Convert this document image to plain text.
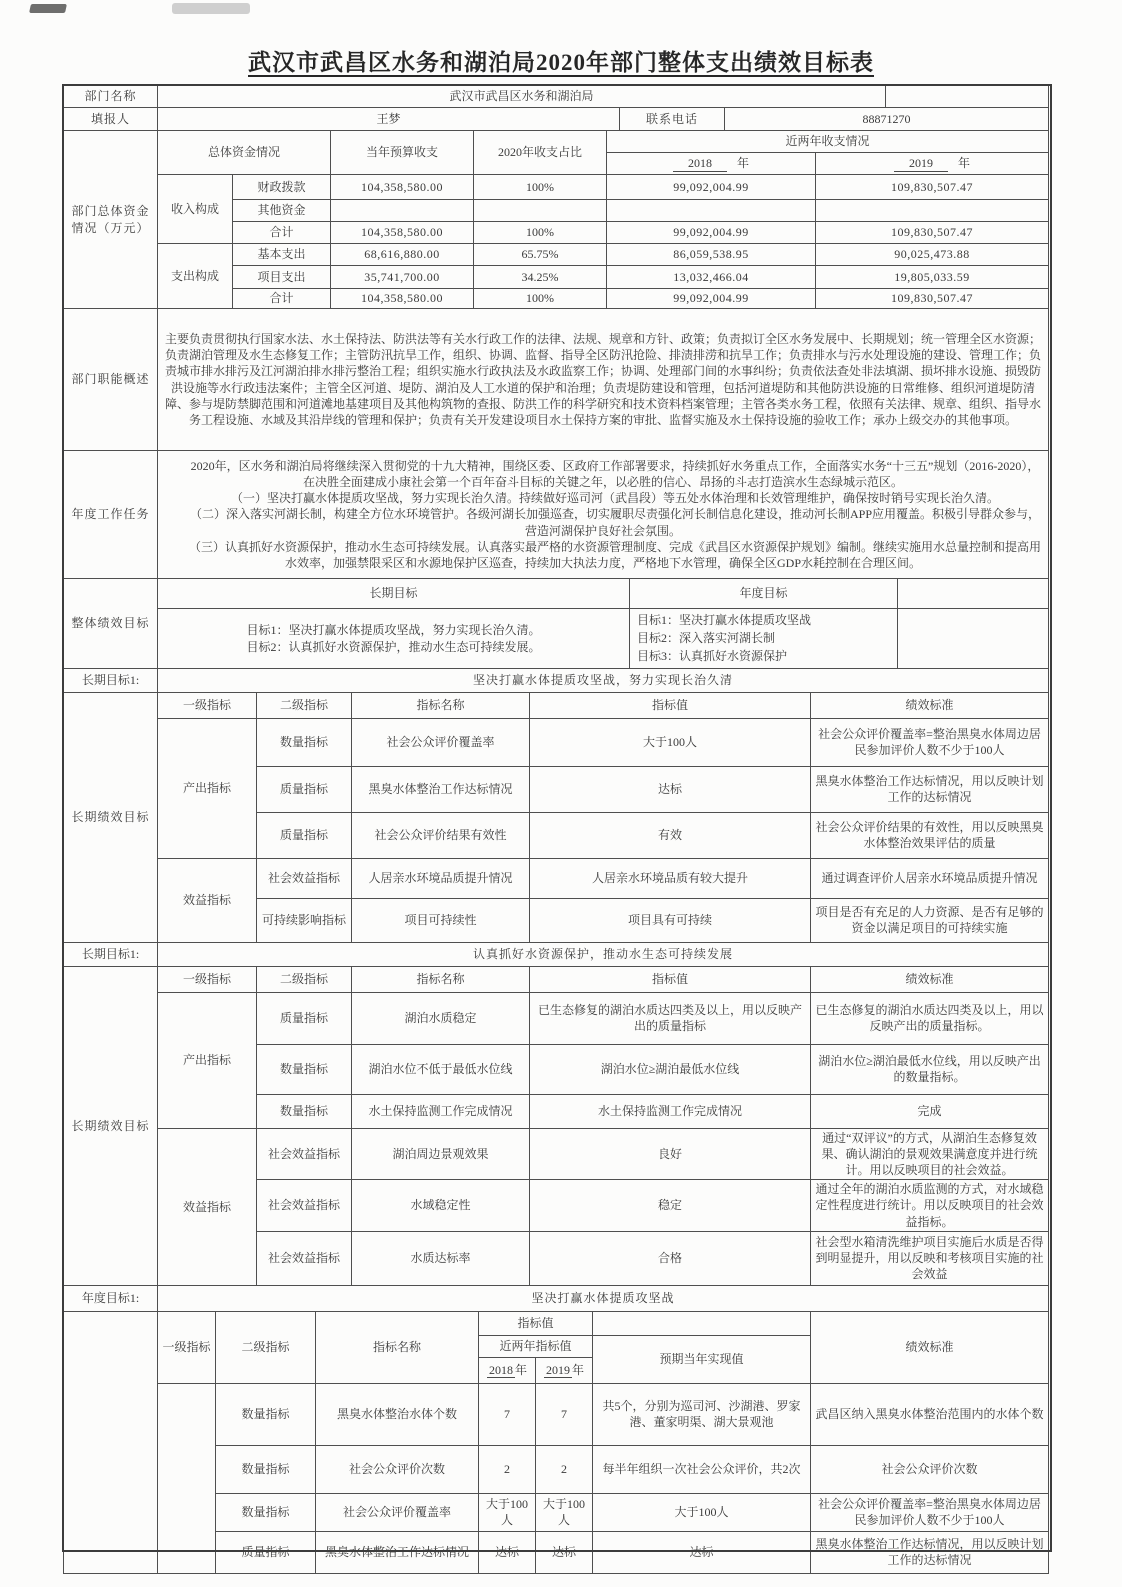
武汉市武昌区水务和湖泊局2020年部门整体支出绩效目标表
部门名称	武汉市武昌区水务和湖泊局			
填报人	王梦	联系电话	88871270	
部门总体资金情况（万元）	总体资金情况		当年预算收支	2020年收支占比	近两年收支情况	
					2018 年	2019 年
	收入构成	财政拨款	104,358,580.00	100%	99,092,004.99	109,830,507.47
		其他资金				
		合计	104,358,580.00	100%	99,092,004.99	109,830,507.47
	支出构成	基本支出	68,616,880.00	65.75%	86,059,538.95	90,025,473.88
		项目支出	35,741,700.00	34.25%	13,032,466.04	19,805,033.59
		合计	104,358,580.00	100%	99,092,004.99	109,830,507.47
部门职能概述	

主要负责贯彻执行国家水法、水土保持法、防洪法等有关水行政工作的法律、法规、规章和方针、政策；负责拟订全区水务发展中、长期规划；统一管理全区水资源；负责湖泊管理及水生态修复工作；主管防汛抗旱工作，组织、协调、监督、指导全区防汛抢险、排渍排涝和抗旱工作；负责排水与污水处理设施的建设、管理工作；负责城市排水排污及江河湖泊排水排污整治工程；组织实施水行政执法及水政监察工作；协调、处理部门间的水事纠纷；负责依法查处非法填湖、损坏排水设施、损毁防洪设施等水行政违法案件；主管全区河道、堤防、湖泊及人工水道的保护和治理；负责堤防建设和管理，包括河道堤防和其他防洪设施的日常维修、组织河道堤防清障、参与堤防禁脚范围和河道滩地基建项目及其他构筑物的查报、防洪工作的科学研究和技术资料档案管理；主管各类水务工程，依照有关法律、规章、组织、指导水务工程设施、水域及其沿岸线的管理和保护；负责有关开发建设项目水土保持方案的审批、监督实施及水土保持设施的验收工作；承办上级交办的其他事项。

年度工作任务	

2020年，区水务和湖泊局将继续深入贯彻党的十九大精神，围绕区委、区政府工作部署要求，持续抓好水务重点工作，全面落实水务“十三五”规划（2016-2020），在决胜全面建成小康社会第一个百年奋斗目标的关键之年，以必胜的信心、昂扬的斗志打造滨水生态绿城示范区。

（一）坚决打赢水体提质攻坚战，努力实现长治久清。持续做好巡司河（武昌段）等五处水体治理和长效管理维护，确保按时销号实现长治久清。

（二）深入落实河湖长制，构建全方位水环境管护。各级河湖长加强巡查，切实履职尽责强化河长制信息化建设，推动河长制APP应用覆盖。积极引导群众参与，营造河湖保护良好社会氛围。

（三）认真抓好水资源保护，推动水生态可持续发展。认真落实最严格的水资源管理制度、完成《武昌区水资源保护规划》编制。继续实施用水总量控制和提高用水效率，加强禁限采区和水源地保护区巡查，持续加大执法力度，严格地下水管理，确保全区GDP水耗控制在合理区间。

整体绩效目标	长期目标	年度目标	

目标1：坚决打赢水体提质攻坚战，努力实现长治久清。
目标2：认真抓好水资源保护，推动水生态可持续发展。

目标1：坚决打赢水体提质攻坚战
目标2：深入落实河湖长制
目标3：认真抓好水资源保护

长期目标1:	坚决打赢水体提质攻坚战，努力实现长治久清
长期绩效目标	一级指标	二级指标	指标名称	指标值	绩效标准
	产出指标	数量指标	社会公众评价覆盖率	大于100人	社会公众评价覆盖率=整治黑臭水体周边居民参加评价人数不少于100人
		质量指标	黑臭水体整治工作达标情况	达标	黑臭水体整治工作达标情况，用以反映计划工作的达标情况
		质量指标	社会公众评价结果有效性	有效	社会公众评价结果的有效性，用以反映黑臭水体整治效果评估的质量
	效益指标	社会效益指标	人居亲水环境品质提升情况	人居亲水环境品质有较大提升	通过调查评价人居亲水环境品质提升情况
		可持续影响指标	项目可持续性	项目具有可持续	项目是否有充足的人力资源、是否有足够的资金以满足项目的可持续实施
长期目标1:	认真抓好水资源保护，推动水生态可持续发展
长期绩效目标	一级指标	二级指标	指标名称	指标值	绩效标准
	产出指标	质量指标	湖泊水质稳定	已生态修复的湖泊水质达四类及以上，用以反映产出的质量指标	已生态修复的湖泊水质达四类及以上，用以反映产出的质量指标。
		数量指标	湖泊水位不低于最低水位线	湖泊水位≥湖泊最低水位线	湖泊水位≥湖泊最低水位线，用以反映产出的数量指标。
		数量指标	水土保持监测工作完成情况	水土保持监测工作完成情况	完成
	效益指标	社会效益指标	湖泊周边景观效果	良好	通过“双评议”的方式，从湖泊生态修复效果、确认湖泊的景观效果满意度并进行统计。用以反映项目的社会效益。
		社会效益指标	水域稳定性	稳定	通过全年的湖泊水质监测的方式，对水域稳定性程度进行统计。用以反映项目的社会效益指标。
		社会效益指标	水质达标率	合格	社会型水箱清洗维护项目实施后水质是否得到明显提升，用以反映和考核项目实施的社会效益
年度目标1:	坚决打赢水体提质攻坚战
	一级指标	二级指标	指标名称	指标值			绩效标准
				近两年指标值		预期当年实现值	
				2018 年	2019 年		
		数量指标	黑臭水体整治水体个数	7	7	共5个，分别为巡司河、沙湖港、罗家港、董家明渠、湖大景观池	武昌区纳入黑臭水体整治范围内的水体个数
		数量指标	社会公众评价次数	2	2	每半年组织一次社会公众评价，共2次	社会公众评价次数
		数量指标	社会公众评价覆盖率	大于100人	大于100 人	大于100人	社会公众评价覆盖率=整治黑臭水体周边居民参加评价人数不少于100人
		质量指标	黑臭水体整治工作达标情况	达标	达标	达标	黑臭水体整治工作达标情况，用以反映计划工作的达标情况
